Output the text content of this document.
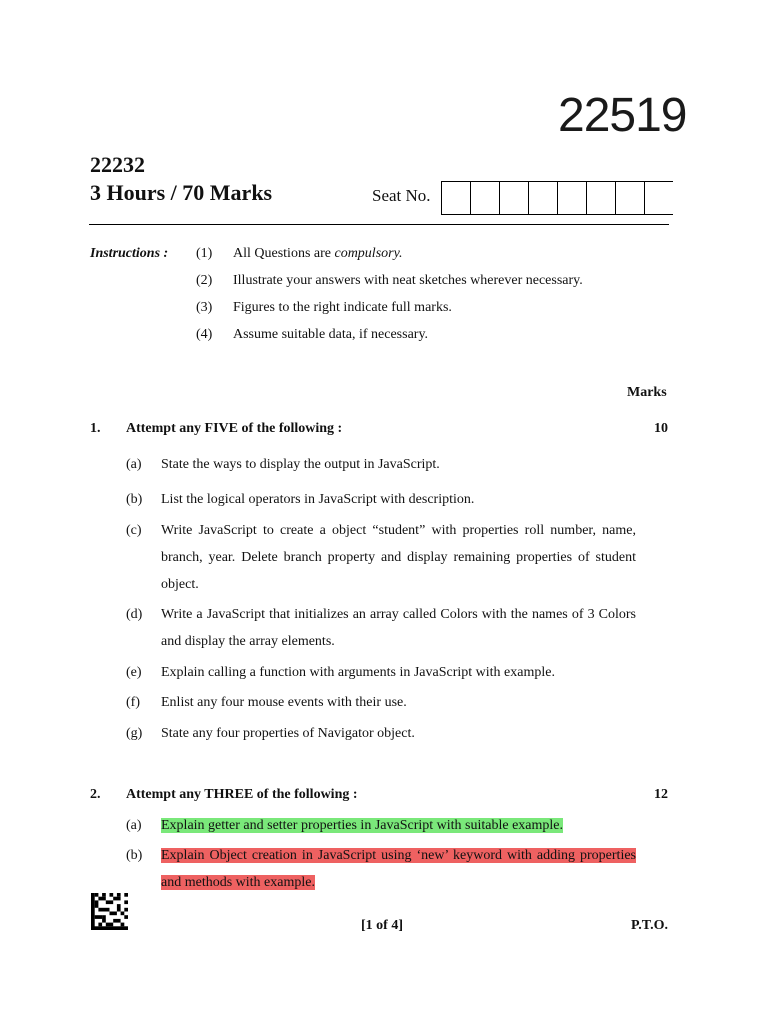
22519
22232
3 Hours / 70 Marks	Seat No.
Instructions : (1)	All Questions are compulsory.
(2)	Illustrate your answers with neat sketches wherever necessary.
(3)	Figures to the right indicate full marks.
(4)	Assume suitable data, if necessary.
Marks
1. Attempt any FIVE of the following :	10
(a)	State the ways to display the output in JavaScript.
(b)	List the logical operators in JavaScript with description.
(c)	Write JavaScript to create a object “student” with properties roll number, name, branch, year. Delete branch property and display remaining properties of student object.
(d)	Write a JavaScript that initializes an array called Colors with the names of 3 Colors and display the array elements.
(e)	Explain calling a function with arguments in JavaScript with example.
(f)	Enlist any four mouse events with their use.
(g)	State any four properties of Navigator object.
2. Attempt any THREE of the following :	12
(a)	Explain getter and setter properties in JavaScript with suitable example.
(b)	Explain Object creation in JavaScript using ‘new’ keyword with adding properties and methods with example.
[1 of 4]	P.T.O.
